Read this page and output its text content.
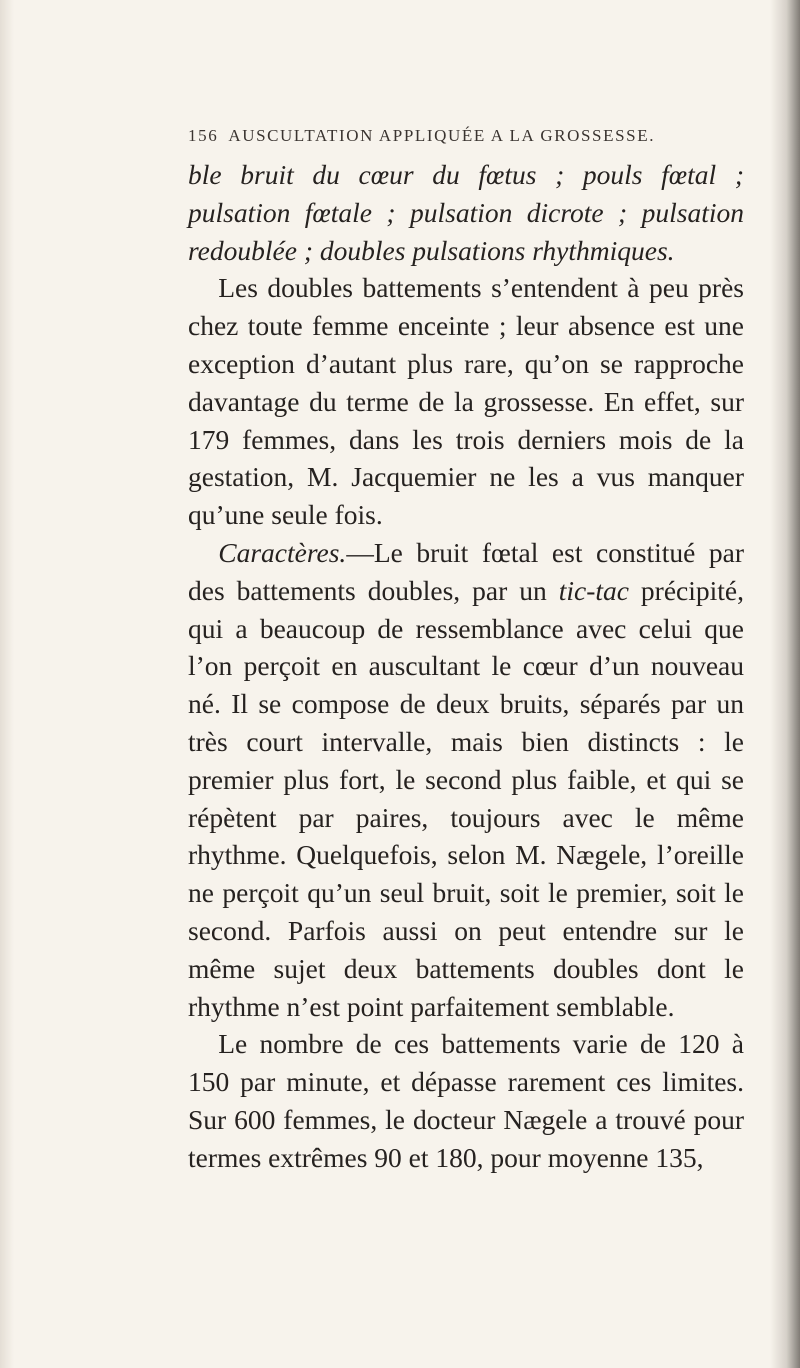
156 AUSCULTATION APPLIQUÉE A LA GROSSESSE.

ble bruit du cœur du fœtus ; pouls fœtal ; pulsation fœtale ; pulsation dicrote ; pulsation redoublée ; doubles pulsations rhythmiques.

Les doubles battements s’entendent à peu près chez toute femme enceinte ; leur absence est une exception d’autant plus rare, qu’on se rapproche davantage du terme de la grossesse. En effet, sur 179 femmes, dans les trois derniers mois de la gestation, M. Jacquemier ne les a vus manquer qu’une seule fois.

Caractères.—Le bruit fœtal est constitué par des battements doubles, par un tic-tac précipité, qui a beaucoup de ressemblance avec celui que l’on perçoit en auscultant le cœur d’un nouveau né. Il se compose de deux bruits, séparés par un très court intervalle, mais bien distincts : le premier plus fort, le second plus faible, et qui se répètent par paires, toujours avec le même rhythme. Quelquefois, selon M. Nægele, l’oreille ne perçoit qu’un seul bruit, soit le premier, soit le second. Parfois aussi on peut entendre sur le même sujet deux battements doubles dont le rhythme n’est point parfaitement semblable.

Le nombre de ces battements varie de 120 à 150 par minute, et dépasse rarement ces limites. Sur 600 femmes, le docteur Nægele a trouvé pour termes extrêmes 90 et 180, pour moyenne 135,
